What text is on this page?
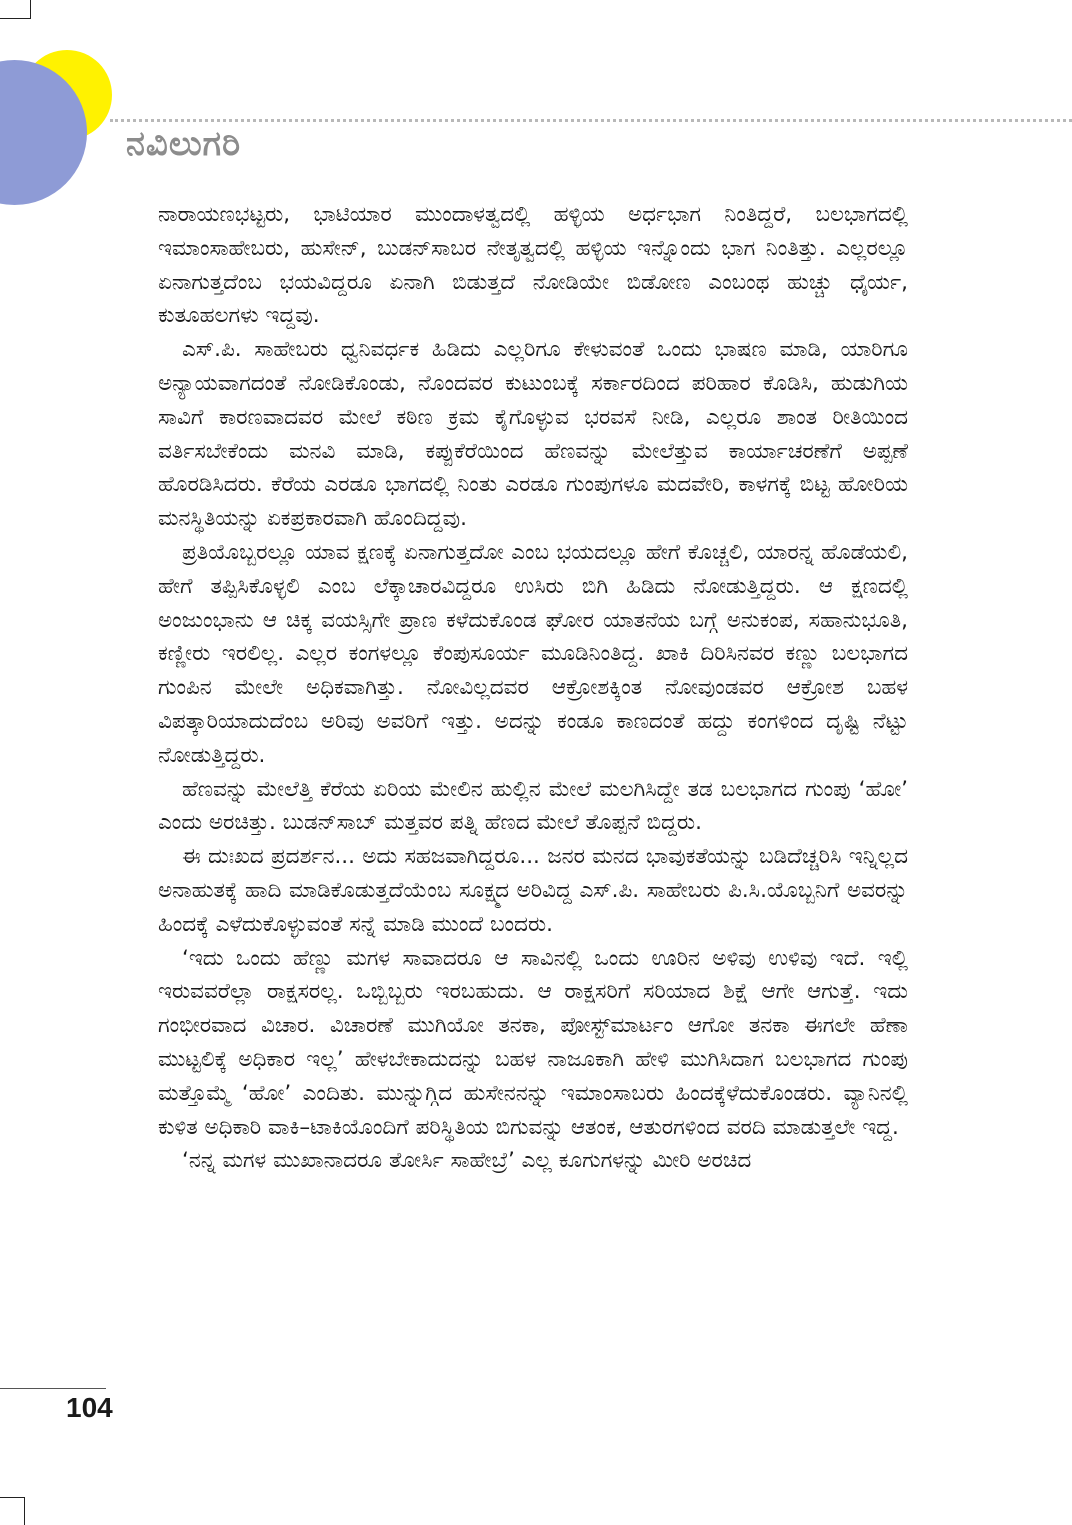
ನವಿಲುಗರಿ

ನಾರಾಯಣಭಟ್ಟರು, ಭಾಟಿಯಾರ ಮುಂದಾಳತ್ವದಲ್ಲಿ ಹಳ್ಳಿಯ ಅರ್ಧಭಾಗ ನಿಂತಿದ್ದರೆ, ಬಲಭಾಗದಲ್ಲಿ ಇಮಾಂಸಾಹೇಬರು, ಹುಸೇನ್, ಬುಡನ್‌ಸಾಬರ ನೇತೃತ್ವದಲ್ಲಿ ಹಳ್ಳಿಯ ಇನ್ನೊಂದು ಭಾಗ ನಿಂತಿತ್ತು. ಎಲ್ಲರಲ್ಲೂ ಏನಾಗುತ್ತದೆಂಬ ಭಯವಿದ್ದರೂ ಏನಾಗಿ ಬಿಡುತ್ತದೆ ನೋಡಿಯೇ ಬಿಡೋಣ ಎಂಬಂಥ ಹುಚ್ಚು ಧೈರ್ಯ, ಕುತೂಹಲಗಳು ಇದ್ದವು.

ಎಸ್.ಪಿ. ಸಾಹೇಬರು ಧ್ವನಿವರ್ಧಕ ಹಿಡಿದು ಎಲ್ಲರಿಗೂ ಕೇಳುವಂತೆ ಒಂದು ಭಾಷಣ ಮಾಡಿ, ಯಾರಿಗೂ ಅನ್ಯಾಯವಾಗದಂತೆ ನೋಡಿಕೊಂಡು, ನೊಂದವರ ಕುಟುಂಬಕ್ಕೆ ಸರ್ಕಾರದಿಂದ ಪರಿಹಾರ ಕೊಡಿಸಿ, ಹುಡುಗಿಯ ಸಾವಿಗೆ ಕಾರಣವಾದವರ ಮೇಲೆ ಕಠಿಣ ಕ್ರಮ ಕೈಗೊಳ್ಳುವ ಭರವಸೆ ನೀಡಿ, ಎಲ್ಲರೂ ಶಾಂತ ರೀತಿಯಿಂದ ವರ್ತಿಸಬೇಕೆಂದು ಮನವಿ ಮಾಡಿ, ಕಪ್ಪುಕೆರೆಯಿಂದ ಹೆಣವನ್ನು ಮೇಲೆತ್ತುವ ಕಾರ್ಯಾಚರಣೆಗೆ ಅಪ್ಪಣೆ ಹೊರಡಿಸಿದರು. ಕೆರೆಯ ಎರಡೂ ಭಾಗದಲ್ಲಿ ನಿಂತು ಎರಡೂ ಗುಂಪುಗಳೂ ಮದವೇರಿ, ಕಾಳಗಕ್ಕೆ ಬಿಟ್ಟ ಹೋರಿಯ ಮನಸ್ಥಿತಿಯನ್ನು ಏಕಪ್ರಕಾರವಾಗಿ ಹೊಂದಿದ್ದವು.

ಪ್ರತಿಯೊಬ್ಬರಲ್ಲೂ ಯಾವ ಕ್ಷಣಕ್ಕೆ ಏನಾಗುತ್ತದೋ ಎಂಬ ಭಯದಲ್ಲೂ ಹೇಗೆ ಕೊಚ್ಚಲಿ, ಯಾರನ್ನ ಹೊಡೆಯಲಿ, ಹೇಗೆ ತಪ್ಪಿಸಿಕೊಳ್ಳಲಿ ಎಂಬ ಲೆಕ್ಕಾಚಾರವಿದ್ದರೂ ಉಸಿರು ಬಿಗಿ ಹಿಡಿದು ನೋಡುತ್ತಿದ್ದರು. ಆ ಕ್ಷಣದಲ್ಲಿ ಅಂಜುಂಭಾನು ಆ ಚಿಕ್ಕ ವಯಸ್ಸಿಗೇ ಪ್ರಾಣ ಕಳೆದುಕೊಂಡ ಘೋರ ಯಾತನೆಯ ಬಗ್ಗೆ ಅನುಕಂಪ, ಸಹಾನುಭೂತಿ, ಕಣ್ಣೀರು ಇರಲಿಲ್ಲ. ಎಲ್ಲರ ಕಂಗಳಲ್ಲೂ ಕೆಂಪುಸೂರ್ಯ ಮೂಡಿನಿಂತಿದ್ದ. ಖಾಕಿ ದಿರಿಸಿನವರ ಕಣ್ಣು ಬಲಭಾಗದ ಗುಂಪಿನ ಮೇಲೇ ಅಧಿಕವಾಗಿತ್ತು. ನೋವಿಲ್ಲದವರ ಆಕ್ರೋಶಕ್ಕಿಂತ ನೋವುಂಡವರ ಆಕ್ರೋಶ ಬಹಳ ವಿಪತ್ಕಾರಿಯಾದುದೆಂಬ ಅರಿವು ಅವರಿಗೆ ಇತ್ತು. ಅದನ್ನು ಕಂಡೂ ಕಾಣದಂತೆ ಹದ್ದು ಕಂಗಳಿಂದ ದೃಷ್ಟಿ ನೆಟ್ಟು ನೋಡುತ್ತಿದ್ದರು.

ಹೆಣವನ್ನು ಮೇಲೆತ್ತಿ ಕೆರೆಯ ಏರಿಯ ಮೇಲಿನ ಹುಲ್ಲಿನ ಮೇಲೆ ಮಲಗಿಸಿದ್ದೇ ತಡ ಬಲಭಾಗದ ಗುಂಪು ‘ಹೋ’ ಎಂದು ಅರಚಿತ್ತು. ಬುಡನ್‌ಸಾಬ್ ಮತ್ತವರ ಪತ್ನಿ ಹೆಣದ ಮೇಲೆ ತೊಪ್ಪನೆ ಬಿದ್ದರು.

ಈ ದುಃಖದ ಪ್ರದರ್ಶನ... ಅದು ಸಹಜವಾಗಿದ್ದರೂ... ಜನರ ಮನದ ಭಾವುಕತೆಯನ್ನು ಬಡಿದೆಚ್ಚರಿಸಿ ಇನ್ನಿಲ್ಲದ ಅನಾಹುತಕ್ಕೆ ಹಾದಿ ಮಾಡಿಕೊಡುತ್ತದೆಯೆಂಬ ಸೂಕ್ಷ್ಮದ ಅರಿವಿದ್ದ ಎಸ್.ಪಿ. ಸಾಹೇಬರು ಪಿ.ಸಿ.ಯೊಬ್ಬನಿಗೆ ಅವರನ್ನು ಹಿಂದಕ್ಕೆ ಎಳೆದುಕೊಳ್ಳುವಂತೆ ಸನ್ನೆ ಮಾಡಿ ಮುಂದೆ ಬಂದರು.

‘ಇದು ಒಂದು ಹೆಣ್ಣು ಮಗಳ ಸಾವಾದರೂ ಆ ಸಾವಿನಲ್ಲಿ ಒಂದು ಊರಿನ ಅಳಿವು ಉಳಿವು ಇದೆ. ಇಲ್ಲಿ ಇರುವವರೆಲ್ಲಾ ರಾಕ್ಷಸರಲ್ಲ. ಒಬ್ಬಿಬ್ಬರು ಇರಬಹುದು. ಆ ರಾಕ್ಷಸರಿಗೆ ಸರಿಯಾದ ಶಿಕ್ಷೆ ಆಗೇ ಆಗುತ್ತೆ. ಇದು ಗಂಭೀರವಾದ ವಿಚಾರ. ವಿಚಾರಣೆ ಮುಗಿಯೋ ತನಕಾ, ಪೋಸ್ಟ್‌ಮಾರ್ಟಂ ಆಗೋ ತನಕಾ ಈಗಲೇ ಹೆಣಾ ಮುಟ್ಟಲಿಕ್ಕೆ ಅಧಿಕಾರ ಇಲ್ಲ’ ಹೇಳಬೇಕಾದುದನ್ನು ಬಹಳ ನಾಜೂಕಾಗಿ ಹೇಳಿ ಮುಗಿಸಿದಾಗ ಬಲಭಾಗದ ಗುಂಪು ಮತ್ತೊಮ್ಮೆ ‘ಹೋ’ ಎಂದಿತು. ಮುನ್ನುಗ್ಗಿದ ಹುಸೇನನನ್ನು ಇಮಾಂಸಾಬರು ಹಿಂದಕ್ಕೆಳೆದುಕೊಂಡರು. ವ್ಯಾನಿನಲ್ಲಿ ಕುಳಿತ ಅಧಿಕಾರಿ ವಾಕಿ–ಟಾಕಿಯೊಂದಿಗೆ ಪರಿಸ್ಥಿತಿಯ ಬಿಗುವನ್ನು ಆತಂಕ, ಆತುರಗಳಿಂದ ವರದಿ ಮಾಡುತ್ತಲೇ ಇದ್ದ.

‘ನನ್ನ ಮಗಳ ಮುಖಾನಾದರೂ ತೋರ್ಸಿ ಸಾಹೇಬ್ರೆ’ ಎಲ್ಲ ಕೂಗುಗಳನ್ನು ಮೀರಿ ಅರಚಿದ

104
